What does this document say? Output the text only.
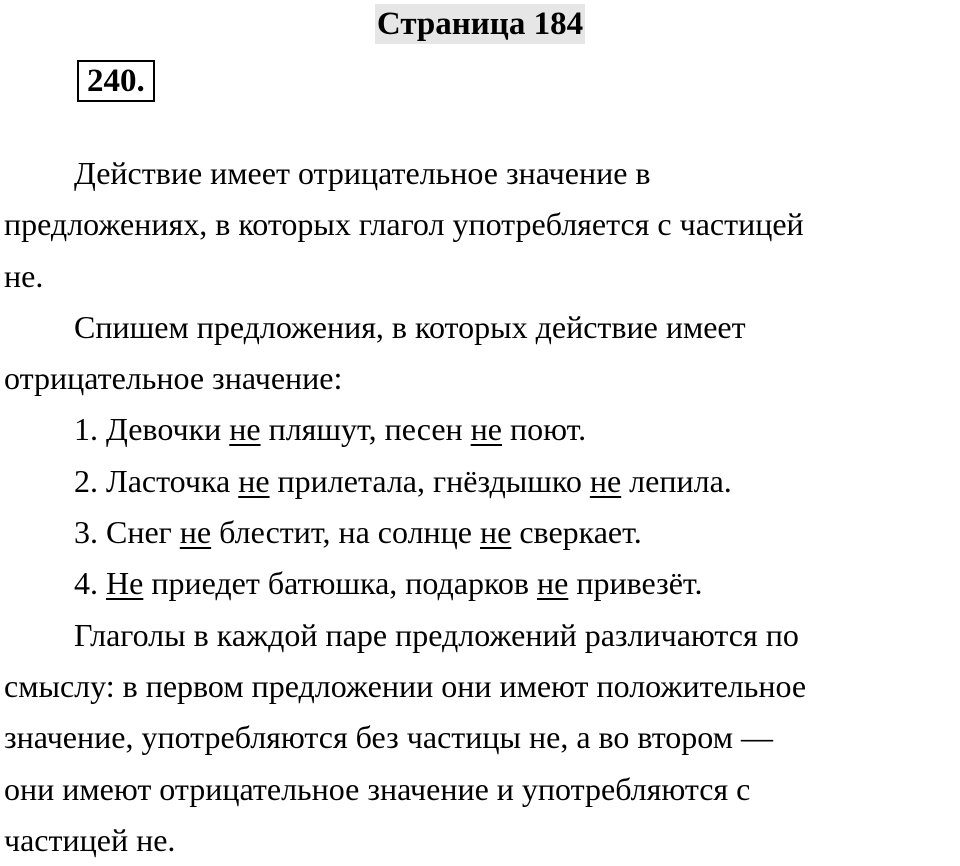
Страница 184
240.

Действие имеет отрицательное значение в

предложениях, в которых глагол употребляется с частицей

не.

Спишем предложения, в которых действие имеет

отрицательное значение:

1. Девочки не пляшут, песен не поют.

2. Ласточка не прилетала, гнёздышко не лепила.

3. Снег не блестит, на солнце не сверкает.

4. Не приедет батюшка, подарков не привезёт.

Глаголы в каждой паре предложений различаются по

смыслу: в первом предложении они имеют положительное

значение, употребляются без частицы не, а во втором —

они имеют отрицательное значение и употребляются с

частицей не.
